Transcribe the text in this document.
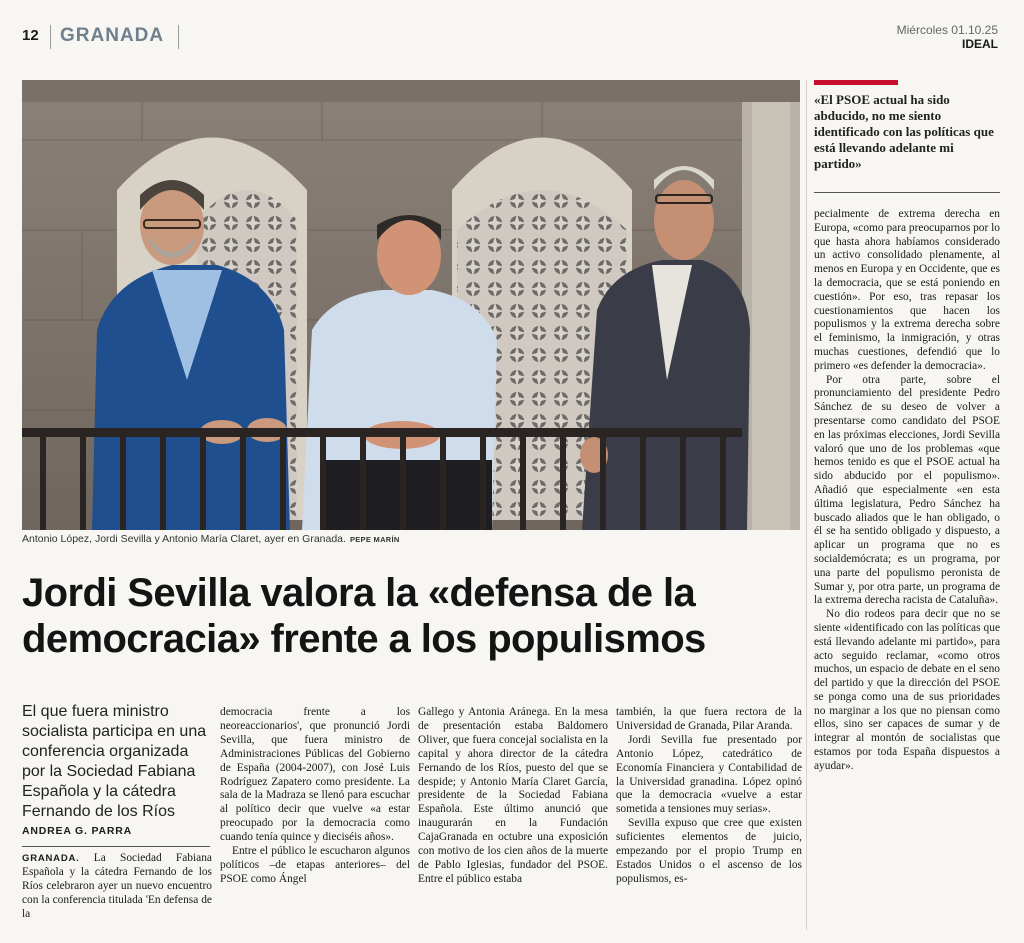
12 GRANADA	Miércoles 01.10.25
IDEAL
Antonio López, Jordi Sevilla y Antonio María Claret, ayer en Granada. PEPE MARÍN
Jordi Sevilla valora la «defensa de la democracia» frente a los populismos
El que fuera ministro socialista participa en una conferencia organizada por la Sociedad Fabiana Española y la cátedra Fernando de los Ríos
ANDREA G. PARRA

GRANADA. La Sociedad Fabiana Española y la cátedra Fernando de los Ríos celebraron ayer un nuevo encuentro con la conferencia titulada 'En defensa de la

democracia frente a los neoreaccionarios', que pronunció Jordi Sevilla, que fuera ministro de Administraciones Públicas del Gobierno de España (2004-2007), con José Luis Rodríguez Zapatero como presidente. La sala de la Madraza se llenó para escuchar al político decir que vuelve «a estar preocupado por la democracia como cuando tenía quince y dieciséis años».

Entre el público le escucharon algunos políticos –de etapas anteriores– del PSOE como Ángel

Gallego y Antonia Aránega. En la mesa de presentación estaba Baldomero Oliver, que fuera concejal socialista en la capital y ahora director de la cátedra Fernando de los Ríos, puesto del que se despide; y Antonio María Claret García, presidente de la Sociedad Fabiana Española. Este último anunció que inaugurarán en la Fundación CajaGranada en octubre una exposición con motivo de los cien años de la muerte de Pablo Iglesias, fundador del PSOE. Entre el público estaba

también, la que fuera rectora de la Universidad de Granada, Pilar Aranda.

Jordi Sevilla fue presentado por Antonio López, catedrático de Economía Financiera y Contabilidad de la Universidad granadina. López opinó que la democracia «vuelve a estar sometida a tensiones muy serias».

Sevilla expuso que cree que existen suficientes elementos de juicio, empezando por el propio Trump en Estados Unidos o el ascenso de los populismos, es-

«El PSOE actual ha sido abducido, no me siento identificado con las políticas que está llevando adelante mi partido»

pecialmente de extrema derecha en Europa, «como para preocuparnos por lo que hasta ahora habíamos considerado un activo consolidado plenamente, al menos en Europa y en Occidente, que es la democracia, que se está poniendo en cuestión». Por eso, tras repasar los cuestionamientos que hacen los populismos y la extrema derecha sobre el feminismo, la inmigración, y otras muchas cuestiones, defendió que lo primero «es defender la democracia».

Por otra parte, sobre el pronunciamiento del presidente Pedro Sánchez de su deseo de volver a presentarse como candidato del PSOE en las próximas elecciones, Jordi Sevilla valoró que uno de los problemas «que hemos tenido es que el PSOE actual ha sido abducido por el populismo». Añadió que especialmente «en esta última legislatura, Pedro Sánchez ha buscado aliados que le han obligado, o él se ha sentido obligado y dispuesto, a aplicar un programa que no es socialdemócrata; es un programa, por una parte del populismo peronista de Sumar y, por otra parte, un programa de la extrema derecha racista de Cataluña».

No dio rodeos para decir que no se siente «identificado con las políticas que está llevando adelante mi partido», para acto seguido reclamar, «como otros muchos, un espacio de debate en el seno del partido y que la dirección del PSOE se ponga como una de sus prioridades no marginar a los que no piensan como ellos, sino ser capaces de sumar y de integrar al montón de socialistas que estamos por toda España dispuestos a ayudar».
